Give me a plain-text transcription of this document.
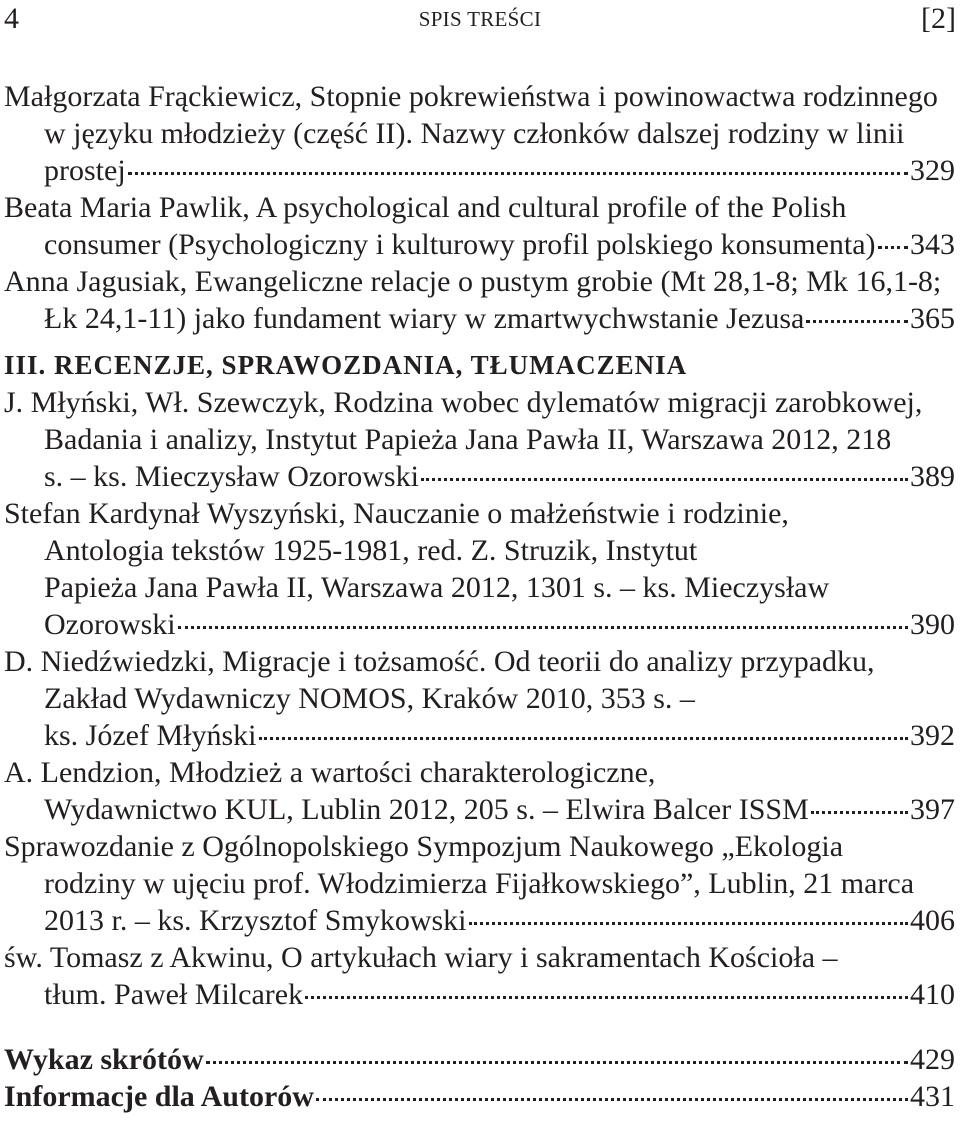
4	SPIS TREŚCI	[2]
Małgorzata Frąckiewicz, Stopnie pokrewieństwa i powinowactwa rodzinnego
w języku młodzieży (część II). Nazwy członków dalszej rodziny w linii
prostej	329
Beata Maria Pawlik, A psychological and cultural profile of the Polish
consumer (Psychologiczny i kulturowy profil polskiego konsumenta) 343
Anna Jagusiak, Ewangeliczne relacje o pustym grobie (Mt 28,1-8; Mk 16,1-8;
Łk 24,1-11) jako fundament wiary w zmartwychwstanie Jezusa	365
III. RECENZJE, SPRAWOZDANIA, TŁUMACZENIA
J. Młyński, Wł. Szewczyk, Rodzina wobec dylematów migracji zarobkowej,
Badania i analizy, Instytut Papieża Jana Pawła II, Warszawa 2012, 218
s. – ks. Mieczysław Ozorowski	389
Stefan Kardynał Wyszyński, Nauczanie o małżeństwie i rodzinie,
Antologia tekstów 1925-1981, red. Z. Struzik, Instytut
Papieża Jana Pawła II, Warszawa 2012, 1301 s. – ks. Mieczysław
Ozorowski	390
D. Niedźwiedzki, Migracje i tożsamość. Od teorii do analizy przypadku,
Zakład Wydawniczy NOMOS, Kraków 2010, 353 s. –
ks. Józef Młyński	392
A. Lendzion, Młodzież a wartości charakterologiczne,
Wydawnictwo KUL, Lublin 2012, 205 s. – Elwira Balcer ISSM	397
Sprawozdanie z Ogólnopolskiego Sympozjum Naukowego „Ekologia
rodziny w ujęciu prof. Włodzimierza Fijałkowskiego”, Lublin, 21 marca
2013 r. – ks. Krzysztof Smykowski	406
św. Tomasz z Akwinu, O artykułach wiary i sakramentach Kościoła –
tłum. Paweł Milcarek	410
Wykaz skrótów	429
Informacje dla Autorów	431
